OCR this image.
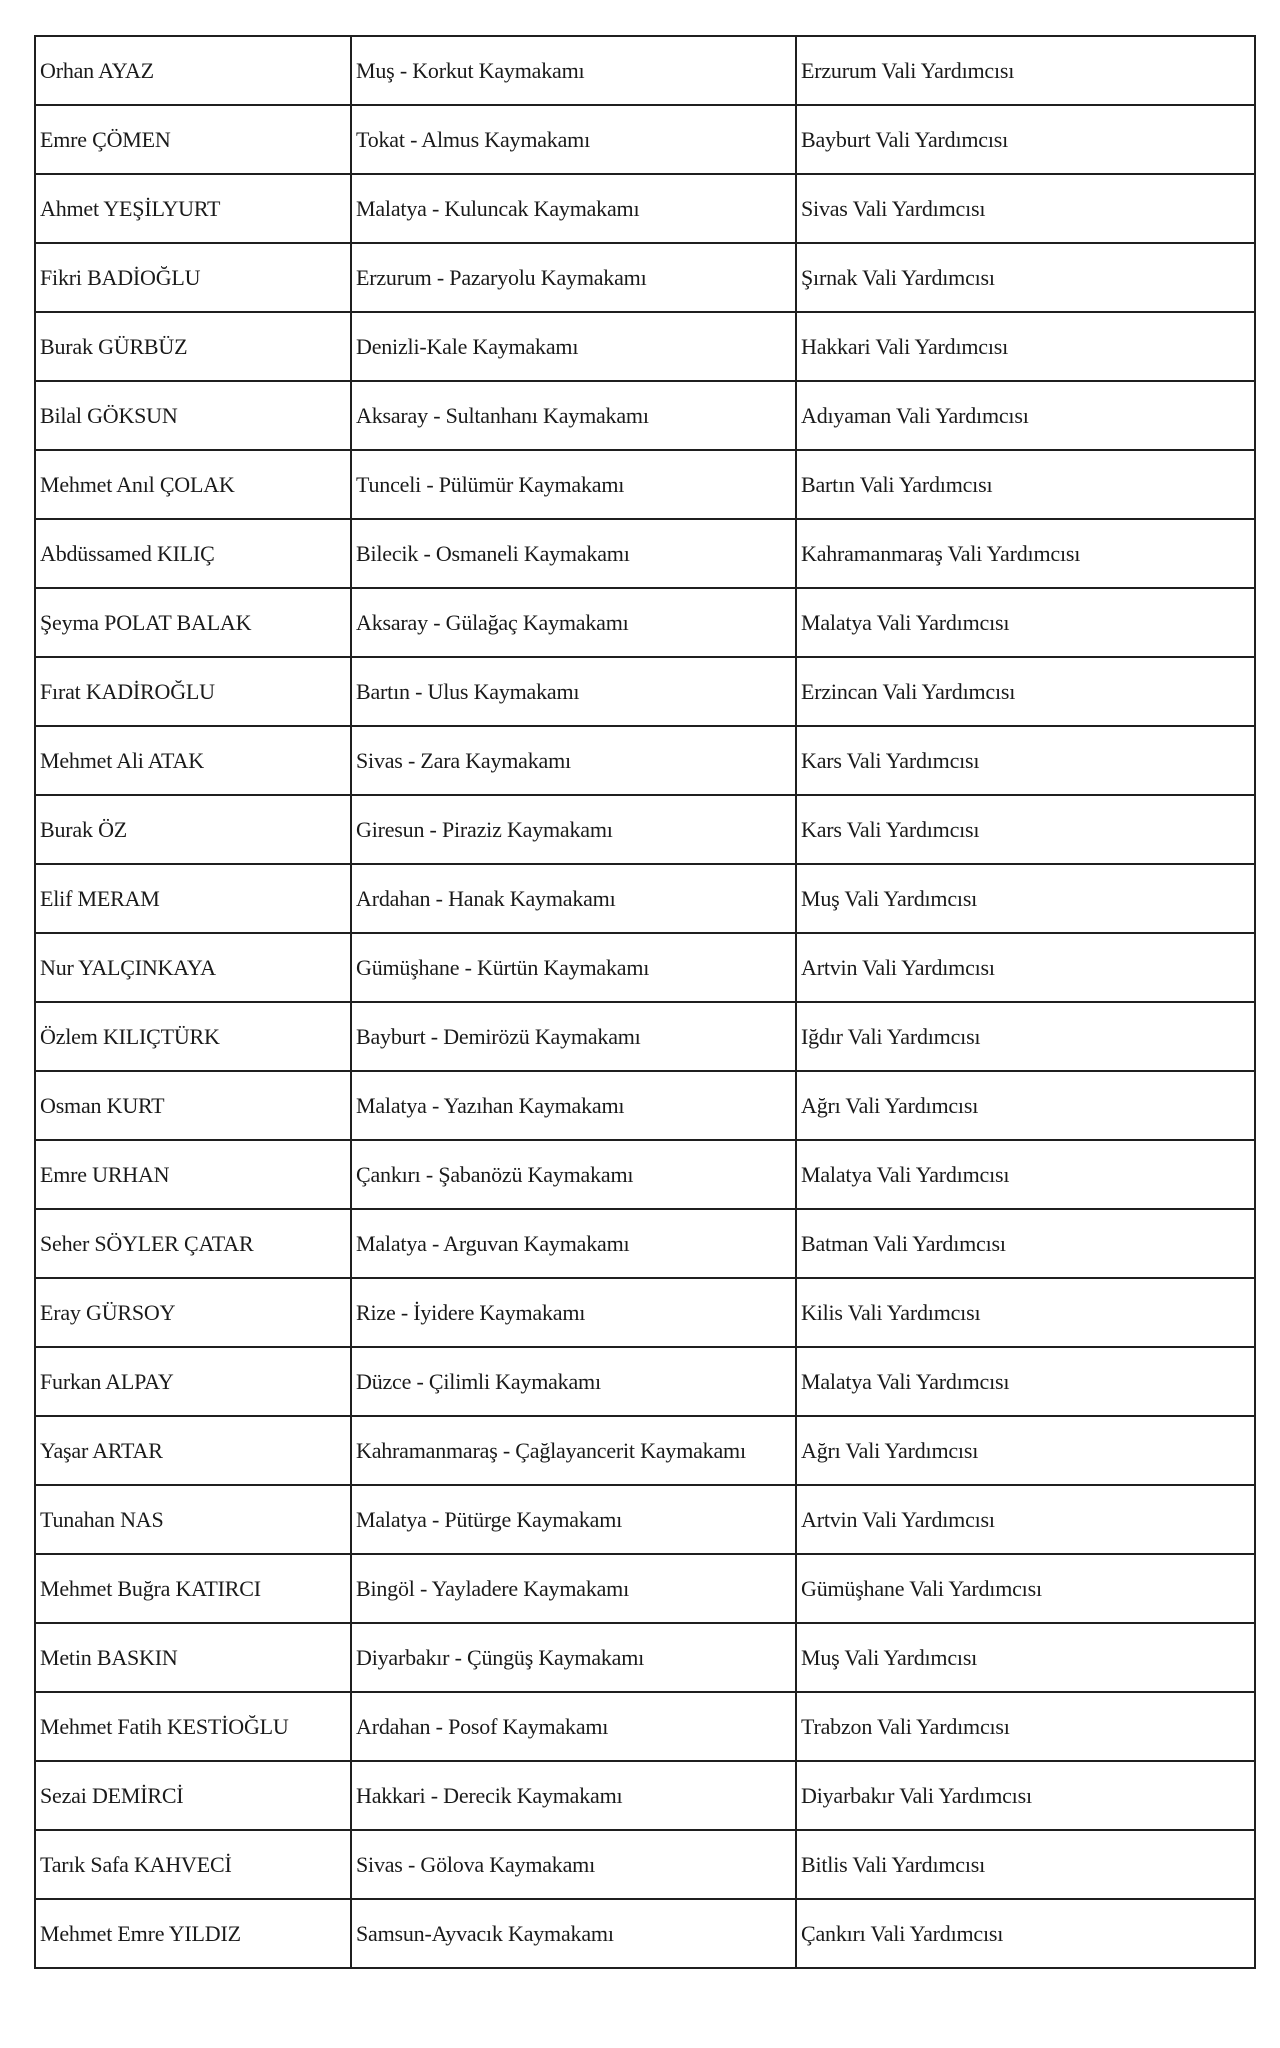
Orhan AYAZ	Muş - Korkut Kaymakamı	Erzurum Vali Yardımcısı
Emre ÇÖMEN	Tokat - Almus Kaymakamı	Bayburt Vali Yardımcısı
Ahmet YEŞİLYURT	Malatya - Kuluncak Kaymakamı	Sivas Vali Yardımcısı
Fikri BADİOĞLU	Erzurum - Pazaryolu Kaymakamı	Şırnak Vali Yardımcısı
Burak GÜRBÜZ	Denizli-Kale Kaymakamı	Hakkari Vali Yardımcısı
Bilal GÖKSUN	Aksaray - Sultanhanı Kaymakamı	Adıyaman Vali Yardımcısı
Mehmet Anıl ÇOLAK	Tunceli - Pülümür Kaymakamı	Bartın Vali Yardımcısı
Abdüssamed KILIÇ	Bilecik - Osmaneli Kaymakamı	Kahramanmaraş Vali Yardımcısı
Şeyma POLAT BALAK	Aksaray - Gülağaç Kaymakamı	Malatya Vali Yardımcısı
Fırat KADİROĞLU	Bartın - Ulus Kaymakamı	Erzincan Vali Yardımcısı
Mehmet Ali ATAK	Sivas - Zara Kaymakamı	Kars Vali Yardımcısı
Burak ÖZ	Giresun - Piraziz Kaymakamı	Kars Vali Yardımcısı
Elif MERAM	Ardahan - Hanak Kaymakamı	Muş Vali Yardımcısı
Nur YALÇINKAYA	Gümüşhane - Kürtün Kaymakamı	Artvin Vali Yardımcısı
Özlem KILIÇTÜRK	Bayburt - Demirözü Kaymakamı	Iğdır Vali Yardımcısı
Osman KURT	Malatya - Yazıhan Kaymakamı	Ağrı Vali Yardımcısı
Emre URHAN	Çankırı - Şabanözü Kaymakamı	Malatya Vali Yardımcısı
Seher SÖYLER ÇATAR	Malatya - Arguvan Kaymakamı	Batman Vali Yardımcısı
Eray GÜRSOY	Rize - İyidere Kaymakamı	Kilis Vali Yardımcısı
Furkan ALPAY	Düzce - Çilimli Kaymakamı	Malatya Vali Yardımcısı
Yaşar ARTAR	Kahramanmaraş - Çağlayancerit Kaymakamı	Ağrı Vali Yardımcısı
Tunahan NAS	Malatya - Pütürge Kaymakamı	Artvin Vali Yardımcısı
Mehmet Buğra KATIRCI	Bingöl - Yayladere Kaymakamı	Gümüşhane Vali Yardımcısı
Metin BASKIN	Diyarbakır - Çüngüş Kaymakamı	Muş Vali Yardımcısı
Mehmet Fatih KESTİOĞLU	Ardahan - Posof Kaymakamı	Trabzon Vali Yardımcısı
Sezai DEMİRCİ	Hakkari - Derecik Kaymakamı	Diyarbakır Vali Yardımcısı
Tarık Safa KAHVECİ	Sivas - Gölova Kaymakamı	Bitlis Vali Yardımcısı
Mehmet Emre YILDIZ	Samsun-Ayvacık Kaymakamı	Çankırı Vali Yardımcısı
